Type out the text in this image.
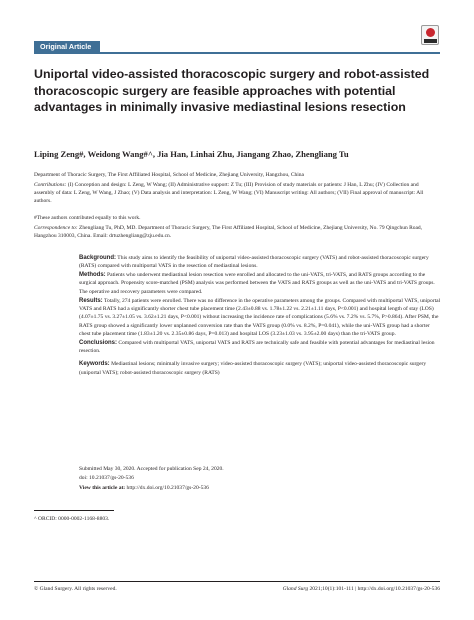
Original Article
Uniportal video-assisted thoracoscopic surgery and robot-assisted thoracoscopic surgery are feasible approaches with potential advantages in minimally invasive mediastinal lesions resection
Liping Zeng#, Weidong Wang#^, Jia Han, Linhai Zhu, Jiangang Zhao, Zhengliang Tu
Department of Thoracic Surgery, The First Affiliated Hospital, School of Medicine, Zhejiang University, Hangzhou, China
Contributions: (I) Conception and design: L Zeng, W Wang; (II) Administrative support: Z Tu; (III) Provision of study materials or patients: J Han, L Zhu; (IV) Collection and assembly of data: L Zeng, W Wang, J Zhao; (V) Data analysis and interpretation: L Zeng, W Wang; (VI) Manuscript writing: All authors; (VII) Final approval of manuscript: All authors.
#These authors contributed equally to this work.
Correspondence to: Zhengliang Tu, PhD, MD. Department of Thoracic Surgery, The First Affiliated Hospital, School of Medicine, Zhejiang University, No. 79 Qingchun Road, Hangzhou 310003, China. Email: drtuzhengliang@zju.edu.cn.

Background: This study aims to identify the feasibility of uniportal video-assisted thoracoscopic surgery (VATS) and robot-assisted thoracoscopic surgery (RATS) compared with multiportal VATS in the resection of mediastinal lesions.

Methods: Patients who underwent mediastinal lesion resection were enrolled and allocated to the uni-VATS, tri-VATS, and RATS groups according to the surgical approach. Propensity score-matched (PSM) analysis was performed between the VATS and RATS groups as well as the uni-VATS and tri-VATS groups. The operative and recovery parameters were compared.

Results: Totally, 274 patients were enrolled. There was no difference in the operative parameters among the groups. Compared with multiportal VATS, uniportal VATS and RATS had a significantly shorter chest tube placement time (2.43±0.88 vs. 1.78±1.22 vs. 2.21±1.11 days, P<0.001) and hospital length of stay (LOS) (4.07±1.75 vs. 3.27±1.05 vs. 3.62±1.21 days, P<0.001) without increasing the incidence rate of complications (5.6% vs. 7.2% vs. 5.7%, P>0.864). After PSM, the RATS group showed a significantly lower unplanned conversion rate than the VATS group (0.0% vs. 8.2%, P=0.041), while the uni-VATS group had a shorter chest tube placement time (1.83±1.20 vs. 2.35±0.86 days, P=0.013) and hospital LOS (3.23±1.03 vs. 3.95±2.00 days) than the tri-VATS group.

Conclusions: Compared with multiportal VATS, uniportal VATS and RATS are technically safe and feasible with potential advantages for mediastinal lesion resection.

Keywords: Mediastinal lesions; minimally invasive surgery; video-assisted thoracoscopic surgery (VATS); uniportal video-assisted thoracoscopic surgery (uniportal VATS); robot-assisted thoracoscopic surgery (RATS)

Submitted May 30, 2020. Accepted for publication Sep 24, 2020.
doi: 10.21037/gs-20-536
View this article at: http://dx.doi.org/10.21037/gs-20-536
^ ORCID: 0000-0002-1168-8803.
© Gland Surgery. All rights reserved.	Gland Surg 2021;10(1):101-111 | http://dx.doi.org/10.21037/gs-20-536
